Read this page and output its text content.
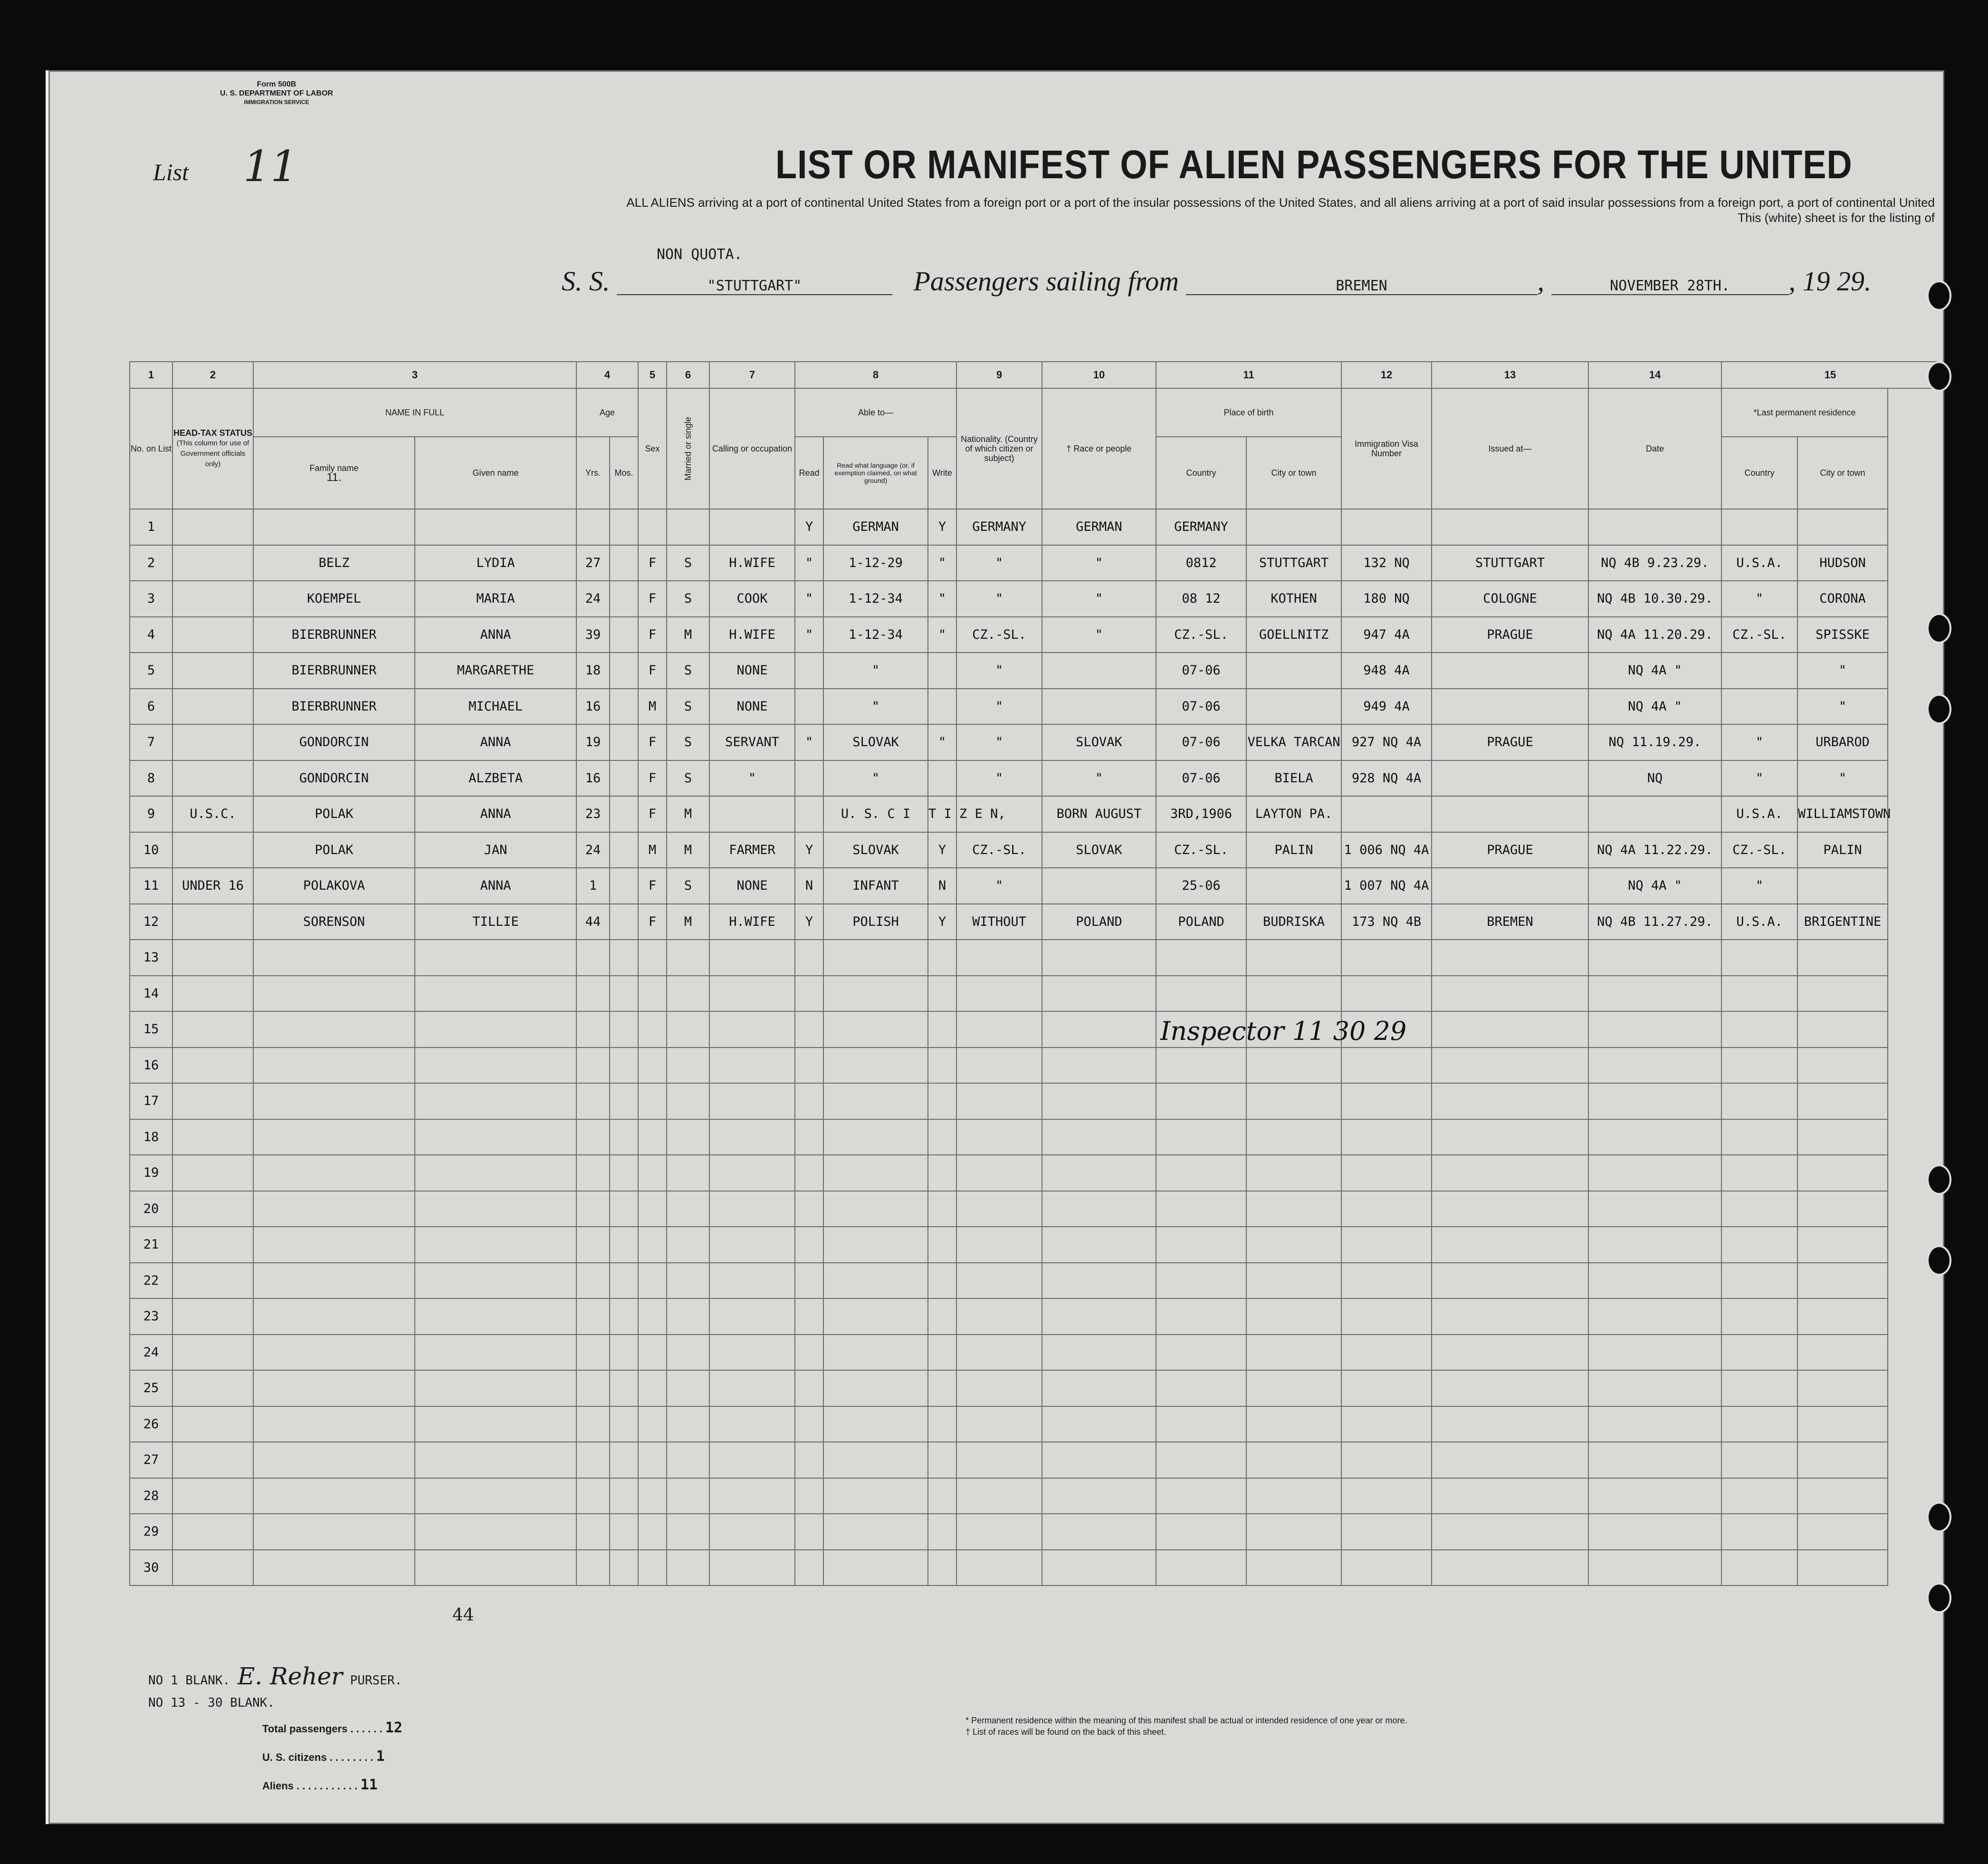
Form 500B
U. S. DEPARTMENT OF LABOR
IMMIGRATION SERVICE
List 11	LIST OR MANIFEST OF ALIEN PASSENGERS FOR THE UNITED
ALL ALIENS arriving at a port of continental United States from a foreign port or a port of the insular possessions of the United States, and all aliens arriving at a port of said insular possessions from a foreign port, a port of continental United
This (white) sheet is for the listing of
NON QUOTA.
S. S.	"STUTTGART"	Passengers sailing from	BREMEN	,	NOVEMBER 28TH. , 19 29.
1	2	3		4		5	6	7	8			9	10	11		12	13	14	15	
No. on List	HEAD-TAX STATUS
(This column for use of Government officials only)	NAME IN FULL		Age		Sex	Married or single	Calling or occupation	Able to—			Nationality. (Country of which citizen or subject)	† Race or people	Place of birth		Immigration Visa Number	Issued at—	Date	*Last permanent residence	
		Family name
11.	Given name	Yrs.	Mos.				Read	Read what language (or, if exemption claimed, on what ground)	Write			Country	City or town				Country	City or town
1									Y	GERMAN	Y	GERMANY	GERMAN	GERMANY						
2		BELZ	LYDIA	27		F	S	H.WIFE	"	1-12-29	"	"	"	0812	STUTTGART	132 NQ	STUTTGART	NQ 4B 9.23.29.	U.S.A.	HUDSON
3		KOEMPEL	MARIA	24		F	S	COOK	"	1-12-34	"	"	"	08 12	KOTHEN	180 NQ	COLOGNE	NQ 4B 10.30.29.	"	CORONA
4		BIERBRUNNER	ANNA	39		F	M	H.WIFE	"	1-12-34	"	CZ.-SL.	"	CZ.-SL.	GOELLNITZ	947 4A	PRAGUE	NQ 4A 11.20.29.	CZ.-SL.	SPISSKE
5		BIERBRUNNER	MARGARETHE	18		F	S	NONE		"		"		07-06		948 4A		NQ 4A "		"
6		BIERBRUNNER	MICHAEL	16		M	S	NONE		"		"		07-06		949 4A		NQ 4A "		"
7		GONDORCIN	ANNA	19		F	S	SERVANT	"	SLOVAK	"	"	SLOVAK	07-06	VELKA TARCAN	927 NQ 4A	PRAGUE	NQ 11.19.29.	"	URBAROD
8		GONDORCIN	ALZBETA	16		F	S	"		"		"	"	07-06	BIELA	928 NQ 4A		NQ	"	"
9	U.S.C.	POLAK	ANNA	23		F	M			U. S. C I	T I Z E N,		BORN AUGUST	3RD,1906	LAYTON PA.				U.S.A.	WILLIAMSTOWN
10		POLAK	JAN	24		M	M	FARMER	Y	SLOVAK	Y	CZ.-SL.	SLOVAK	CZ.-SL.	PALIN	1 006 NQ 4A	PRAGUE	NQ 4A 11.22.29.	CZ.-SL.	PALIN
11	UNDER 16	POLAKOVA	ANNA	1		F	S	NONE	N	INFANT	N	"		25-06		1 007 NQ 4A		NQ 4A "	"	
12		SORENSON	TILLIE	44		F	M	H.WIFE	Y	POLISH	Y	WITHOUT	POLAND	POLAND	BUDRISKA	173 NQ 4B	BREMEN	NQ 4B 11.27.29.	U.S.A.	BRIGENTINE
13																				
14																				
15																				
16																				
17																				
18																				
19																				
20																				
21																				
22																				
23																				
24																				
25																				
26																				
27																				
28																				
29																				
30																				
Inspector 11 30 29
44
NO 1 BLANK. E. Reher PURSER.
NO 13 - 30 BLANK.
Total passengers . . . . . . 12
U. S. citizens . . . . . . . . 1
Aliens . . . . . . . . . . . 11
* Permanent residence within the meaning of this manifest shall be actual or intended residence of one year or more.
† List of races will be found on the back of this sheet.
